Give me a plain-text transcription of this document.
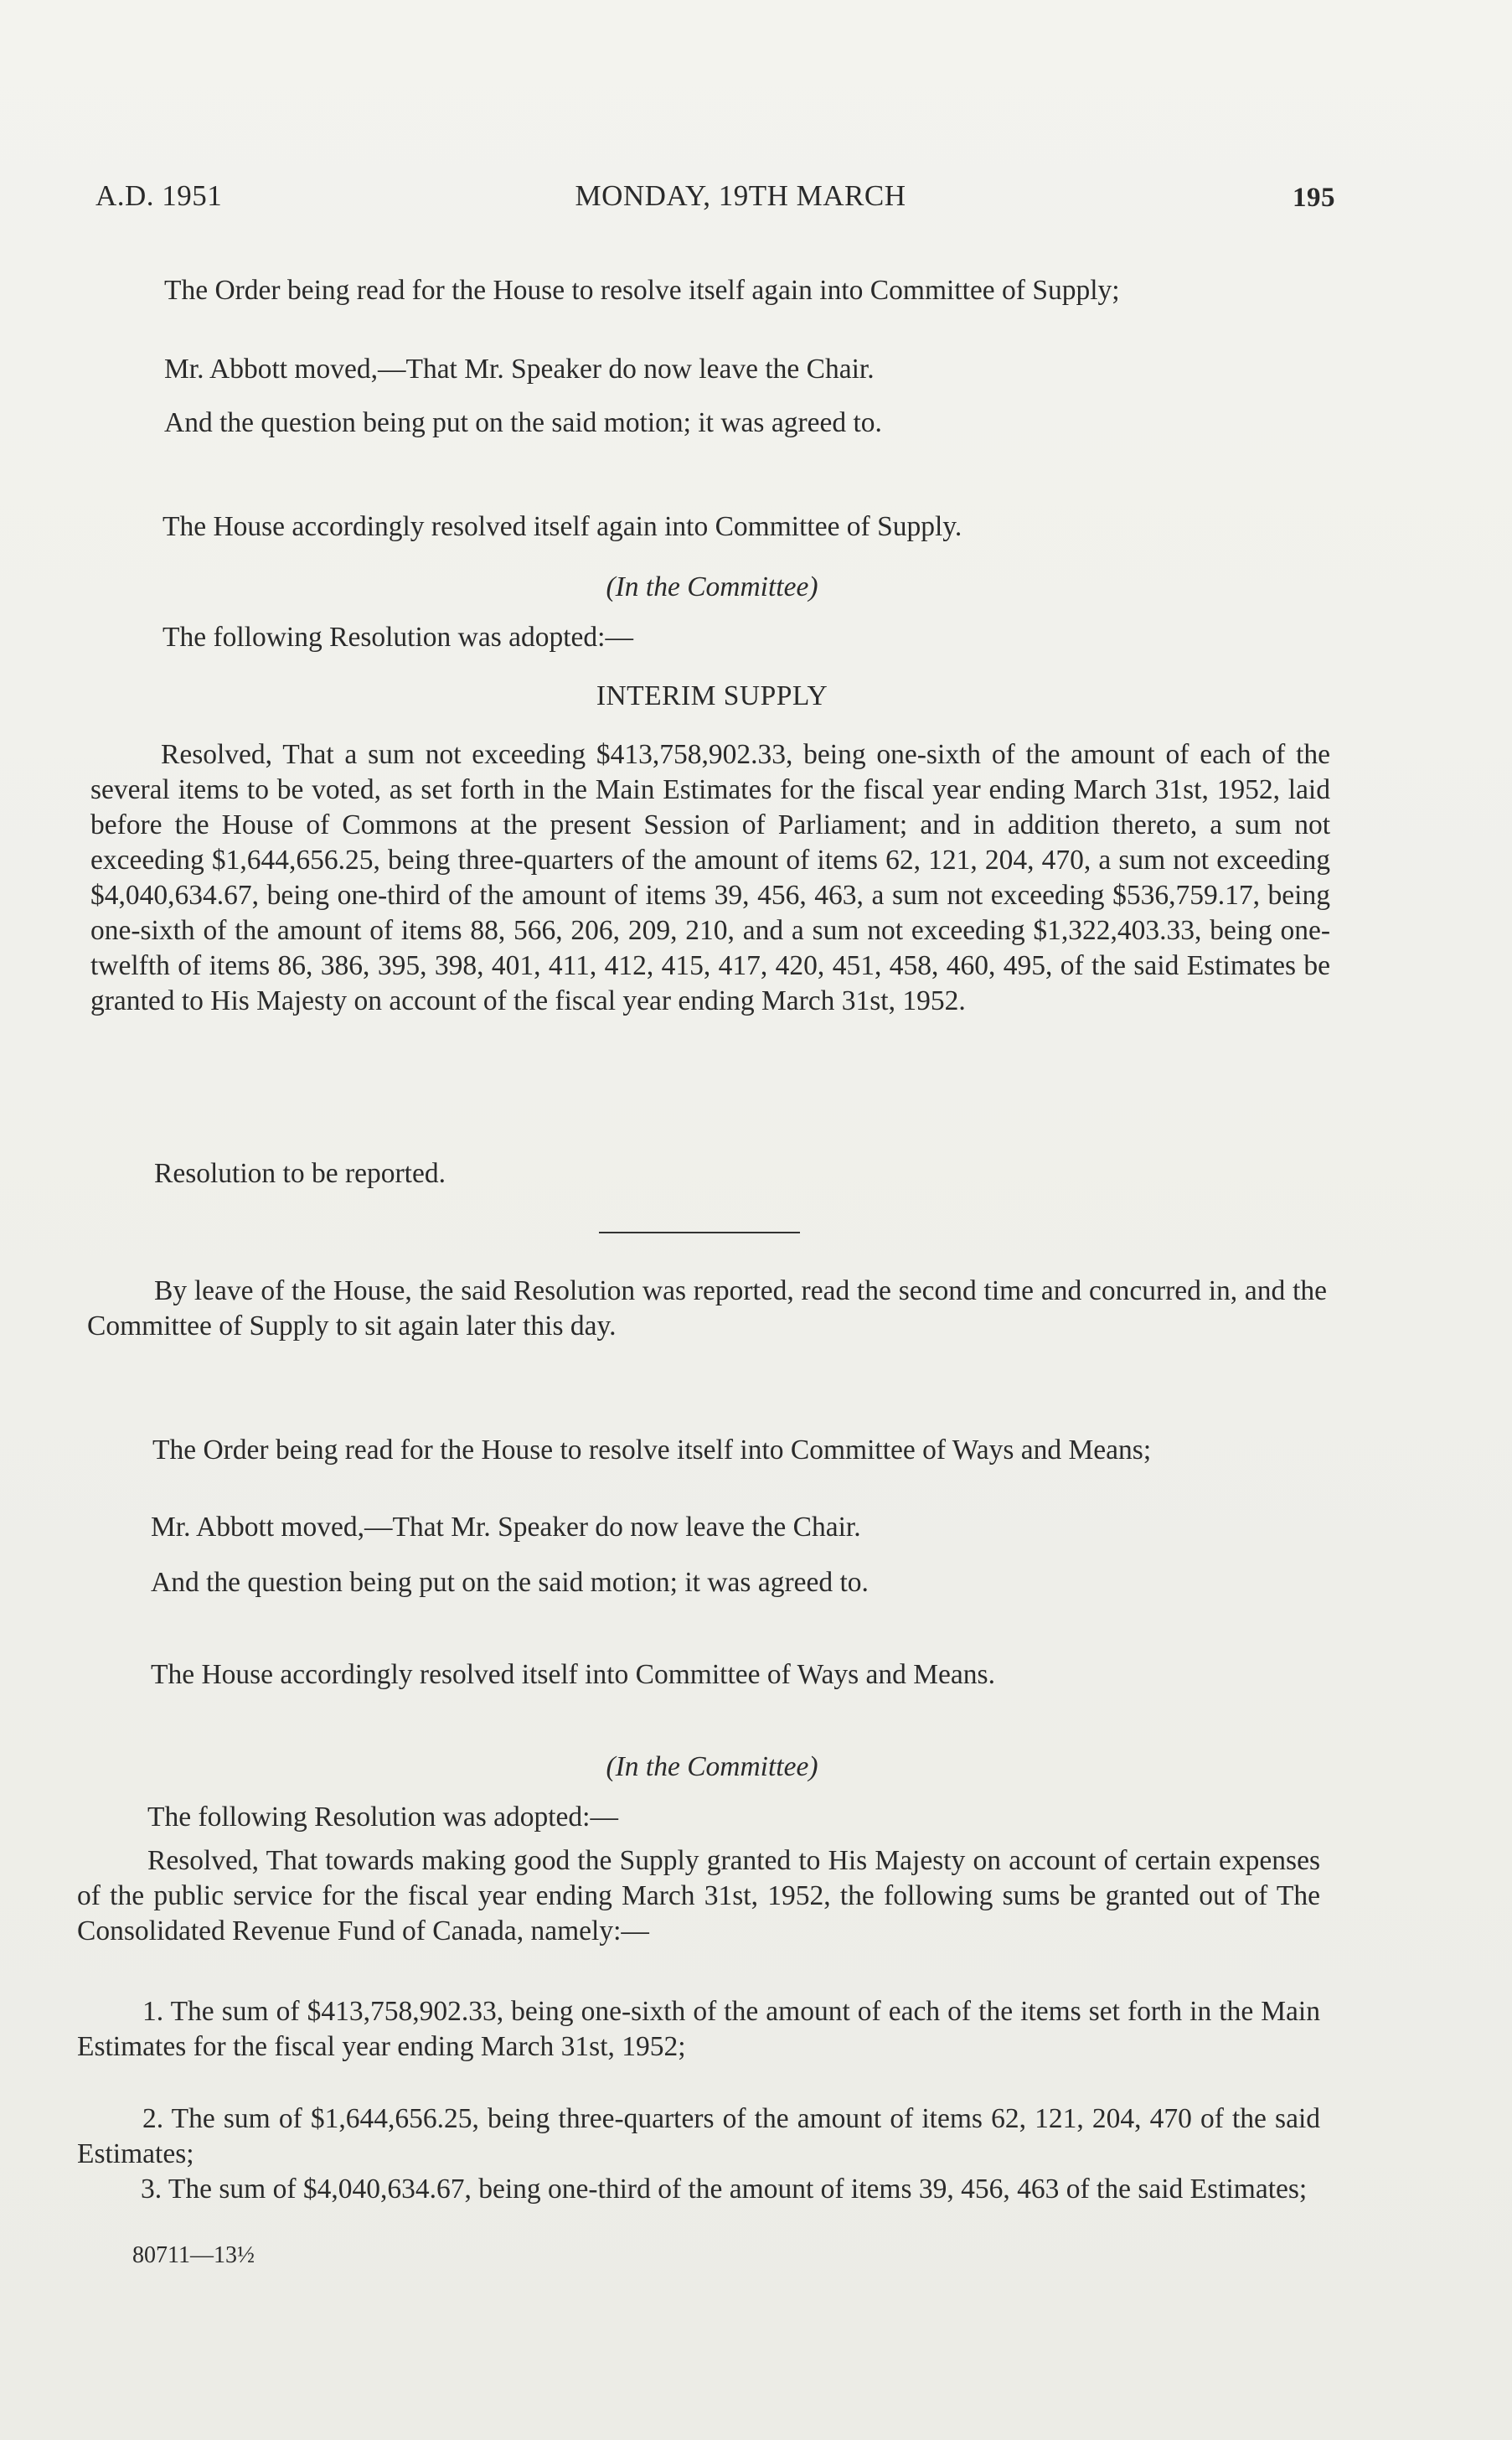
A.D. 1951	MONDAY, 19TH MARCH	195
The Order being read for the House to resolve itself again into Committee of Supply;
Mr. Abbott moved,—That Mr. Speaker do now leave the Chair.
And the question being put on the said motion; it was agreed to.
The House accordingly resolved itself again into Committee of Supply.
(In the Committee)
The following Resolution was adopted:—
INTERIM SUPPLY
Resolved, That a sum not exceeding $413,758,902.33, being one-sixth of the amount of each of the several items to be voted, as set forth in the Main Estimates for the fiscal year ending March 31st, 1952, laid before the House of Commons at the present Session of Parliament; and in addition thereto, a sum not exceeding $1,644,656.25, being three-quarters of the amount of items 62, 121, 204, 470, a sum not exceeding $4,040,634.67, being one-third of the amount of items 39, 456, 463, a sum not exceeding $536,759.17, being one-sixth of the amount of items 88, 566, 206, 209, 210, and a sum not exceeding $1,322,403.33, being one-twelfth of items 86, 386, 395, 398, 401, 411, 412, 415, 417, 420, 451, 458, 460, 495, of the said Estimates be granted to His Majesty on account of the fiscal year ending March 31st, 1952.
Resolution to be reported.
By leave of the House, the said Resolution was reported, read the second time and concurred in, and the Committee of Supply to sit again later this day.
The Order being read for the House to resolve itself into Committee of Ways and Means;
Mr. Abbott moved,—That Mr. Speaker do now leave the Chair.
And the question being put on the said motion; it was agreed to.
The House accordingly resolved itself into Committee of Ways and Means.
(In the Committee)
The following Resolution was adopted:—
Resolved, That towards making good the Supply granted to His Majesty on account of certain expenses of the public service for the fiscal year ending March 31st, 1952, the following sums be granted out of The Consolidated Revenue Fund of Canada, namely:—
1. The sum of $413,758,902.33, being one-sixth of the amount of each of the items set forth in the Main Estimates for the fiscal year ending March 31st, 1952;
2. The sum of $1,644,656.25, being three-quarters of the amount of items 62, 121, 204, 470 of the said Estimates;
3. The sum of $4,040,634.67, being one-third of the amount of items 39, 456, 463 of the said Estimates;
80711—13½
